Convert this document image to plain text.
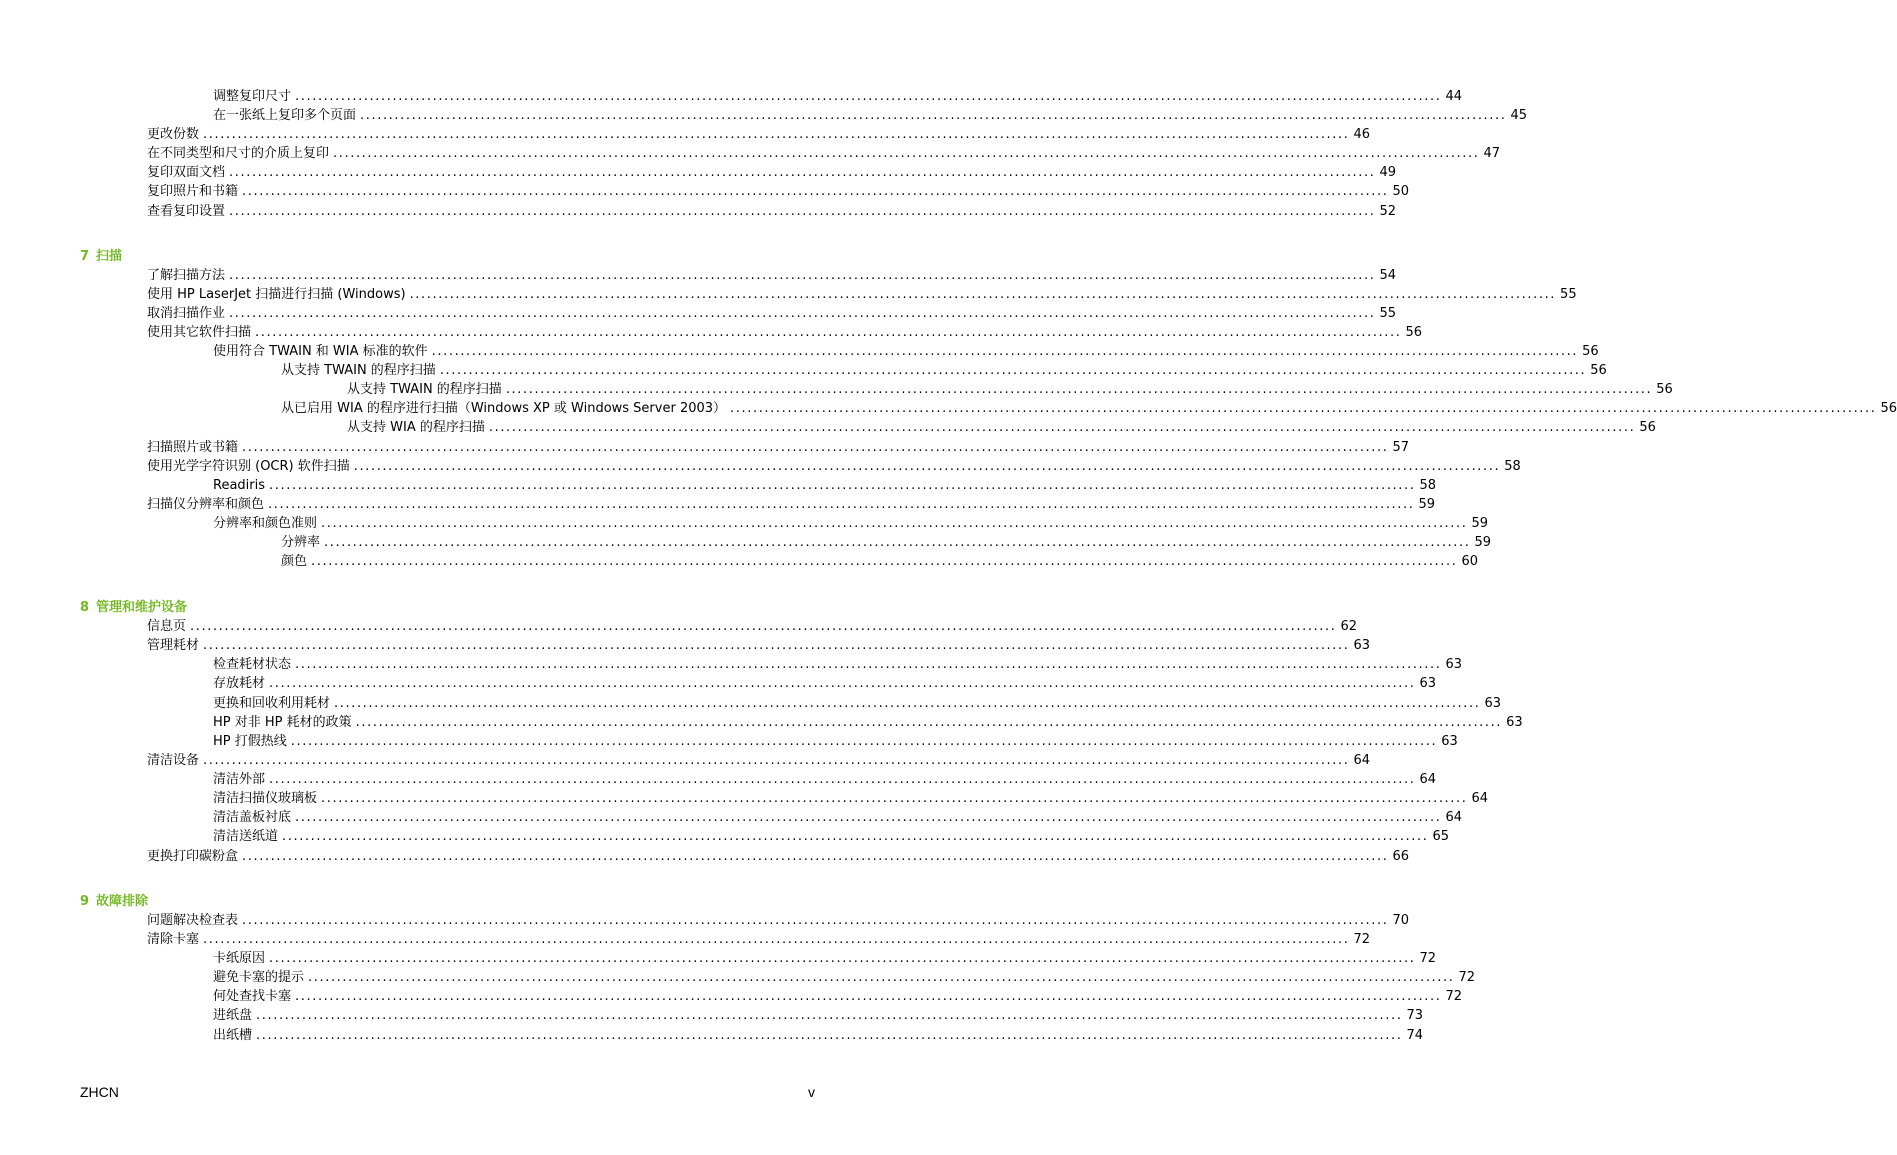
7 扫描
8 管理和维护设备
9 故障排除
调整复印尺寸 ........................................................................................................................................................................................................ 44
在一张纸上复印多个页面 ........................................................................................................................................................................................................ 45
更改份数 ........................................................................................................................................................................................................ 46
在不同类型和尺寸的介质上复印 ........................................................................................................................................................................................................ 47
复印双面文档 ........................................................................................................................................................................................................ 49
复印照片和书籍 ........................................................................................................................................................................................................ 50
查看复印设置 ........................................................................................................................................................................................................ 52
了解扫描方法 ........................................................................................................................................................................................................ 54
使用 HP LaserJet 扫描进行扫描 (Windows) ........................................................................................................................................................................................................ 55
取消扫描作业 ........................................................................................................................................................................................................ 55
使用其它软件扫描 ........................................................................................................................................................................................................ 56
使用符合 TWAIN 和 WIA 标准的软件 ........................................................................................................................................................................................................ 56
从支持 TWAIN 的程序扫描 ........................................................................................................................................................................................................ 56
从支持 TWAIN 的程序扫描 ........................................................................................................................................................................................................ 56
从已启用 WIA 的程序进行扫描（Windows XP 或 Windows Server 2003） ........................................................................................................................................................................................................ 56
从支持 WIA 的程序扫描 ........................................................................................................................................................................................................ 56
扫描照片或书籍 ........................................................................................................................................................................................................ 57
使用光学字符识别 (OCR) 软件扫描 ........................................................................................................................................................................................................ 58
Readiris ........................................................................................................................................................................................................ 58
扫描仪分辨率和颜色 ........................................................................................................................................................................................................ 59
分辨率和颜色准则 ........................................................................................................................................................................................................ 59
分辨率 ........................................................................................................................................................................................................ 59
颜色 ........................................................................................................................................................................................................ 60
信息页 ........................................................................................................................................................................................................ 62
管理耗材 ........................................................................................................................................................................................................ 63
检查耗材状态 ........................................................................................................................................................................................................ 63
存放耗材 ........................................................................................................................................................................................................ 63
更换和回收利用耗材 ........................................................................................................................................................................................................ 63
HP 对非 HP 耗材的政策 ........................................................................................................................................................................................................ 63
HP 打假热线 ........................................................................................................................................................................................................ 63
清洁设备 ........................................................................................................................................................................................................ 64
清洁外部 ........................................................................................................................................................................................................ 64
清洁扫描仪玻璃板 ........................................................................................................................................................................................................ 64
清洁盖板衬底 ........................................................................................................................................................................................................ 64
清洁送纸道 ........................................................................................................................................................................................................ 65
更换打印碳粉盒 ........................................................................................................................................................................................................ 66
问题解决检查表 ........................................................................................................................................................................................................ 70
清除卡塞 ........................................................................................................................................................................................................ 72
卡纸原因 ........................................................................................................................................................................................................ 72
避免卡塞的提示 ........................................................................................................................................................................................................ 72
何处查找卡塞 ........................................................................................................................................................................................................ 72
进纸盘 ........................................................................................................................................................................................................ 73
出纸槽 ........................................................................................................................................................................................................ 74
ZHCN	v
